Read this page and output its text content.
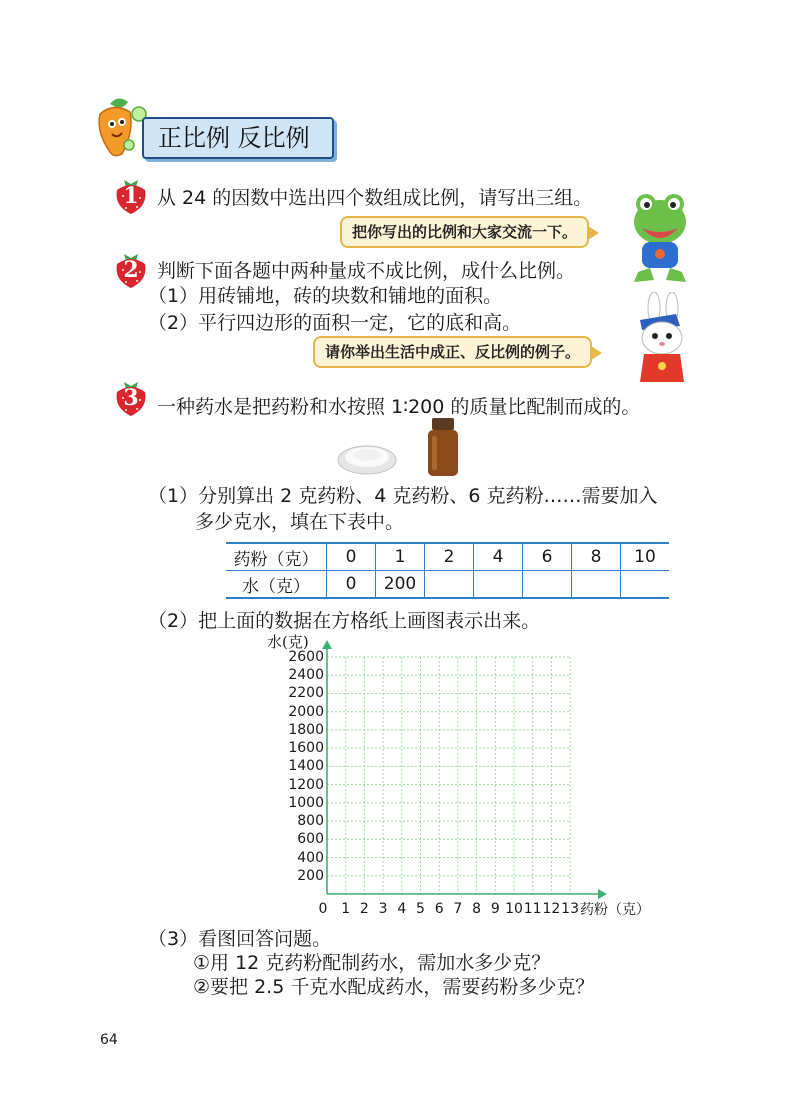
正比例 反比例
1 从 24 的因数中选出四个数组成比例，请写出三组。
把你写出的比例和大家交流一下。
2 判断下面各题中两种量成不成比例，成什么比例。
（1）用砖铺地，砖的块数和铺地的面积。
（2）平行四边形的面积一定，它的底和高。
请你举出生活中成正、反比例的例子。
3 一种药水是把药粉和水按照 1∶200 的质量比配制而成的。
（1）分别算出 2 克药粉、4 克药粉、6 克药粉……需要加入
多少克水，填在下表中。
药粉（克）	0	1	2	4	6	8	10
水（克）	0	200					
（2）把上面的数据在方格纸上画图表示出来。
水(克)
药粉（克）
200
400
600
800
1000
1200
1400
1600
1800
2000
2200
2400
2600
0 1 2 3 4 5 6 7 8 9 10 11 12 13
（3）看图回答问题。
①用 12 克药粉配制药水，需加水多少克？
②要把 2.5 千克水配成药水，需要药粉多少克？
64
